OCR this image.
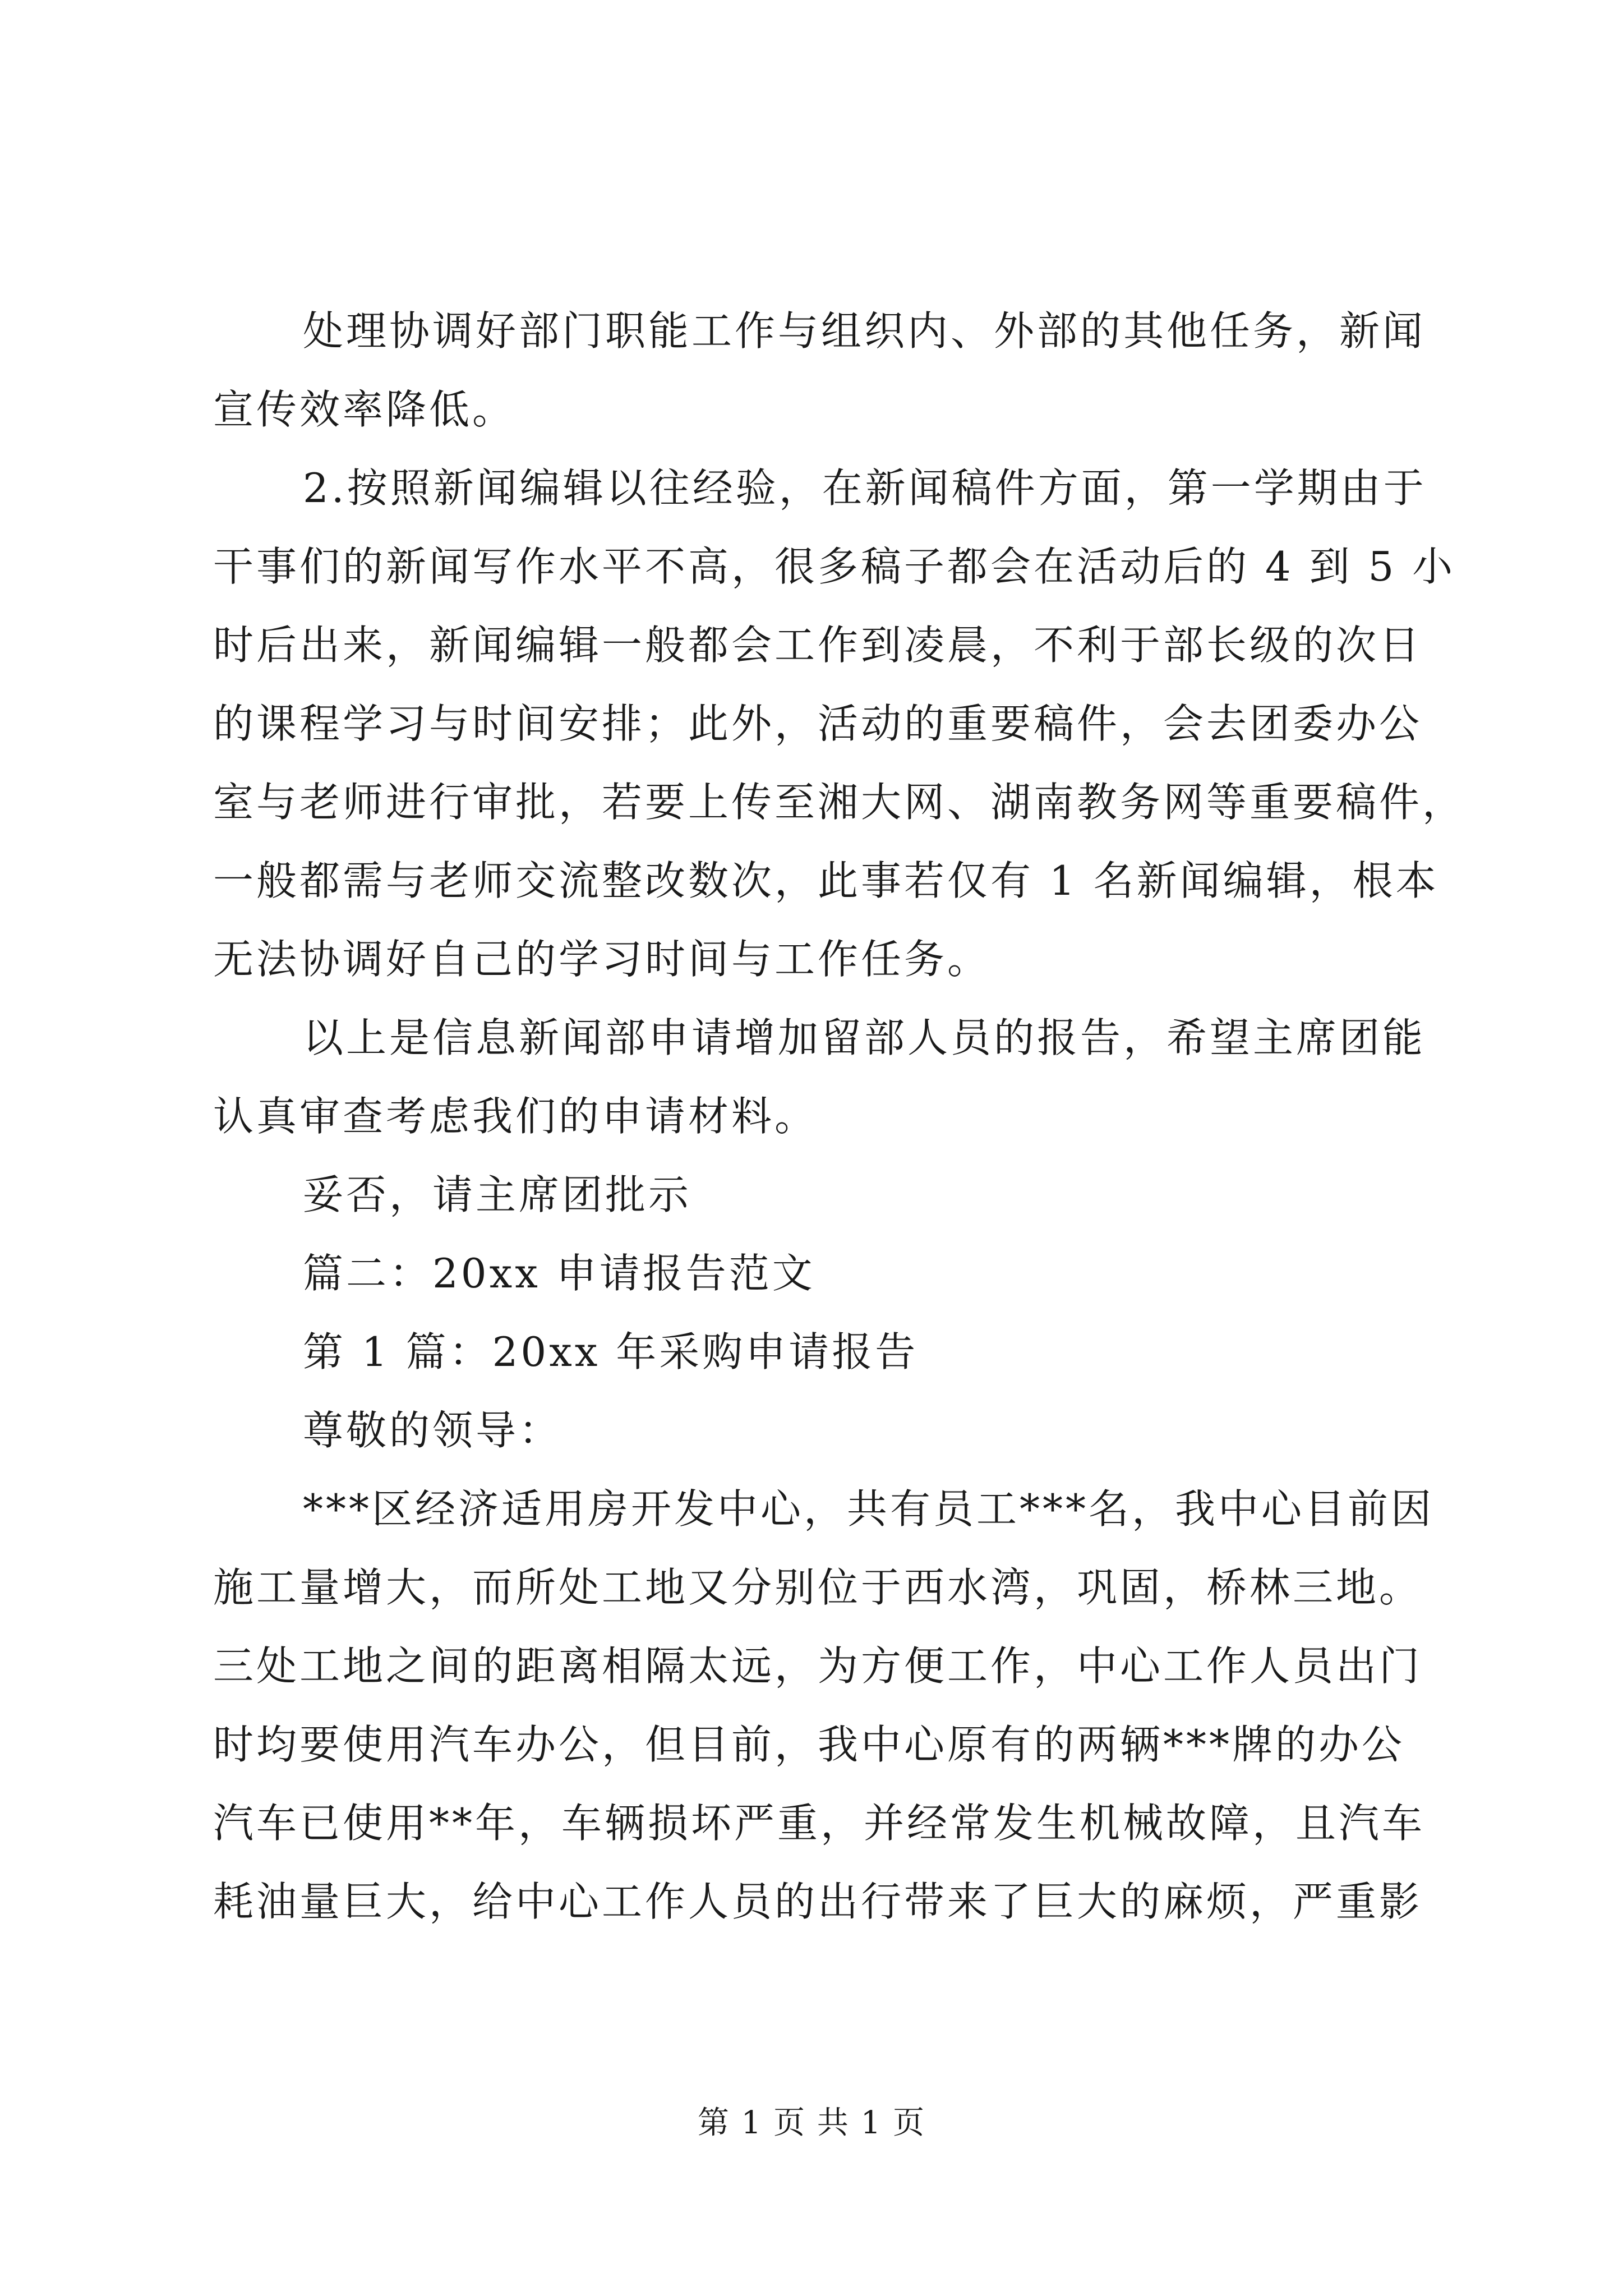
处理协调好部门职能工作与组织内、外部的其他任务，新闻
宣传效率降低。
2.按照新闻编辑以往经验，在新闻稿件方面，第一学期由于
干事们的新闻写作水平不高，很多稿子都会在活动后的 4 到 5 小
时后出来，新闻编辑一般都会工作到凌晨，不利于部长级的次日
的课程学习与时间安排；此外，活动的重要稿件，会去团委办公
室与老师进行审批，若要上传至湘大网、湖南教务网等重要稿件，
一般都需与老师交流整改数次，此事若仅有 1 名新闻编辑，根本
无法协调好自己的学习时间与工作任务。
以上是信息新闻部申请增加留部人员的报告，希望主席团能
认真审查考虑我们的申请材料。
妥否，请主席团批示
篇二：20xx 申请报告范文
第 1 篇：20xx 年采购申请报告
尊敬的领导：
***区经济适用房开发中心，共有员工***名，我中心目前因
施工量增大，而所处工地又分别位于西水湾，巩固，桥林三地。
三处工地之间的距离相隔太远，为方便工作，中心工作人员出门
时均要使用汽车办公，但目前，我中心原有的两辆***牌的办公
汽车已使用**年，车辆损坏严重，并经常发生机械故障，且汽车
耗油量巨大，给中心工作人员的出行带来了巨大的麻烦，严重影
第 1 页 共 1 页
